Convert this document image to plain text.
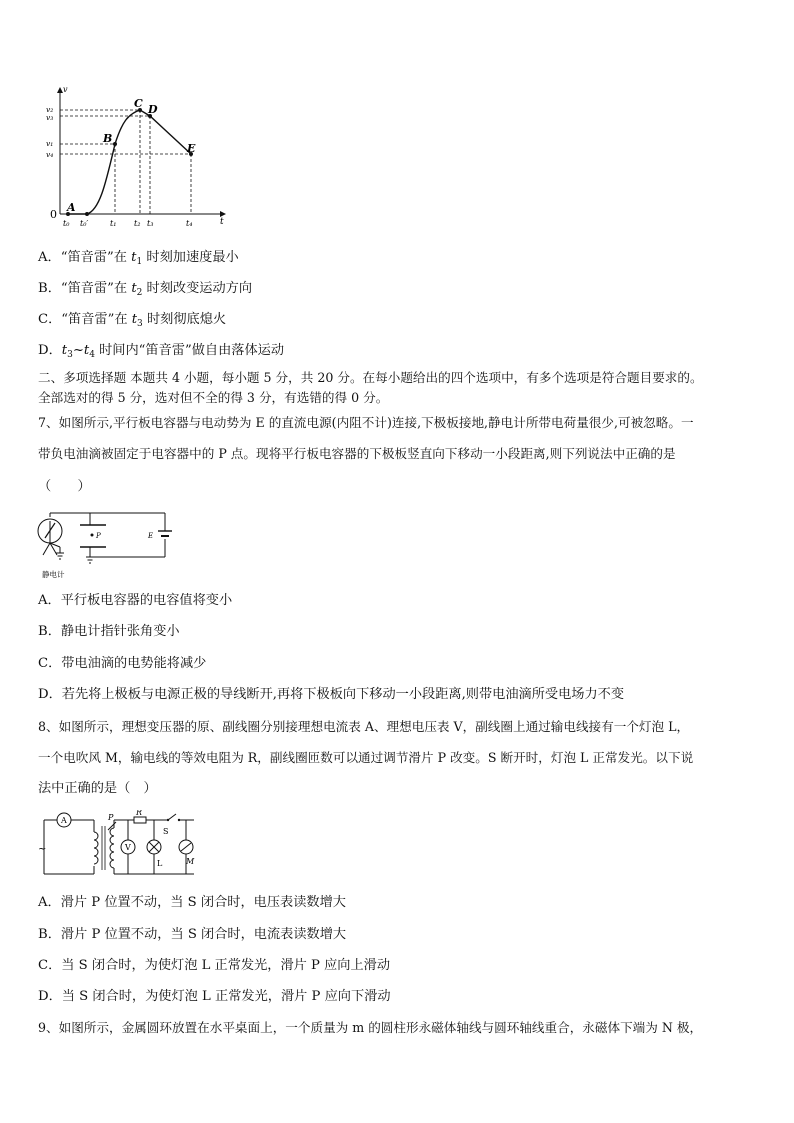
v
t
0
A
B
C D
E
v₂
v₃
v₁
v₄
t₀ t₀′	t₁ t₂ t₃	t₄
A．“笛音雷”在 $t_1$ 时刻加速度最小
B．“笛音雷”在 $t_2$ 时刻改变运动方向
C．“笛音雷”在 $t_3$ 时刻彻底熄火
D．$t_3\sim t_4$ 时间内“笛音雷”做自由落体运动
二、多项选择题 本题共 4 小题，每小题 5 分，共 20 分。在每小题给出的四个选项中，有多个选项是符合题目要求的。
全部选对的得 5 分，选对但不全的得 3 分，有选错的得 0 分。
7、如图所示,平行板电容器与电动势为 E 的直流电源(内阻不计)连接,下极板接地,静电计所带电荷量很少,可被忽略。一
带负电油滴被固定于电容器中的 P 点。现将平行板电容器的下极板竖直向下移动一小段距离,则下列说法中正确的是
（　　）
P	E
静电计
A．平行板电容器的电容值将变小
B．静电计指针张角变小
C．带电油滴的电势能将减少
D．若先将上极板与电源正极的导线断开,再将下极板向下移动一小段距离,则带电油滴所受电场力不变
8、如图所示，理想变压器的原、副线圈分别接理想电流表 A、理想电压表 V，副线圈上通过输电线接有一个灯泡 L，
一个电吹风 M，输电线的等效电阻为 R，副线圈匝数可以通过调节滑片 P 改变。S 断开时，灯泡 L 正常发光。以下说
法中正确的是（　）
A
V
P
R
S
L	M
~
A．滑片 P 位置不动，当 S 闭合时，电压表读数增大
B．滑片 P 位置不动，当 S 闭合时，电流表读数增大
C．当 S 闭合时，为使灯泡 L 正常发光，滑片 P 应向上滑动
D．当 S 闭合时，为使灯泡 L 正常发光，滑片 P 应向下滑动
9、如图所示，金属圆环放置在水平桌面上，一个质量为 m 的圆柱形永磁体轴线与圆环轴线重合，永磁体下端为 N 极，
